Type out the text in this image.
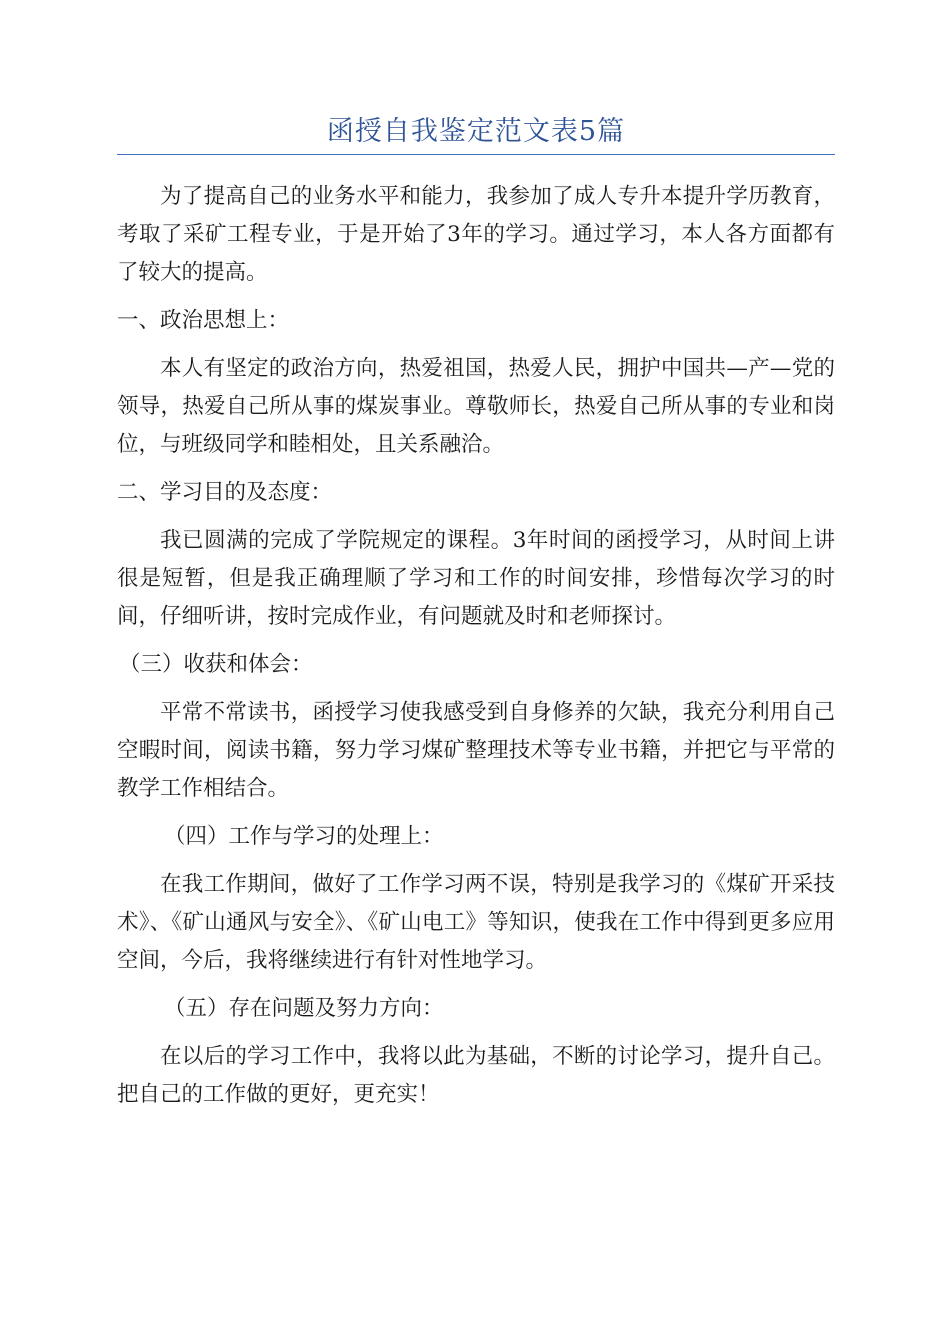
函授自我鉴定范文表5篇

为了提高自己的业务水平和能力，我参加了成人专升本提升学历教育，考取了采矿工程专业，于是开始了3年的学习。通过学习，本人各方面都有了较大的提高。

一、政治思想上：

本人有坚定的政治方向，热爱祖国，热爱人民，拥护中国共—产—党的领导，热爱自己所从事的煤炭事业。尊敬师长，热爱自己所从事的专业和岗位，与班级同学和睦相处，且关系融洽。

二、学习目的及态度：

我已圆满的完成了学院规定的课程。3年时间的函授学习，从时间上讲很是短暂，但是我正确理顺了学习和工作的时间安排，珍惜每次学习的时间，仔细听讲，按时完成作业，有问题就及时和老师探讨。

（三）收获和体会：

平常不常读书，函授学习使我感受到自身修养的欠缺，我充分利用自己空暇时间，阅读书籍，努力学习煤矿整理技术等专业书籍，并把它与平常的教学工作相结合。

（四）工作与学习的处理上：

在我工作期间，做好了工作学习两不误，特别是我学习的《煤矿开采技术》、《矿山通风与安全》、《矿山电工》等知识，使我在工作中得到更多应用空间，今后，我将继续进行有针对性地学习。

（五）存在问题及努力方向：

在以后的学习工作中，我将以此为基础，不断的讨论学习，提升自己。把自己的工作做的更好，更充实！
